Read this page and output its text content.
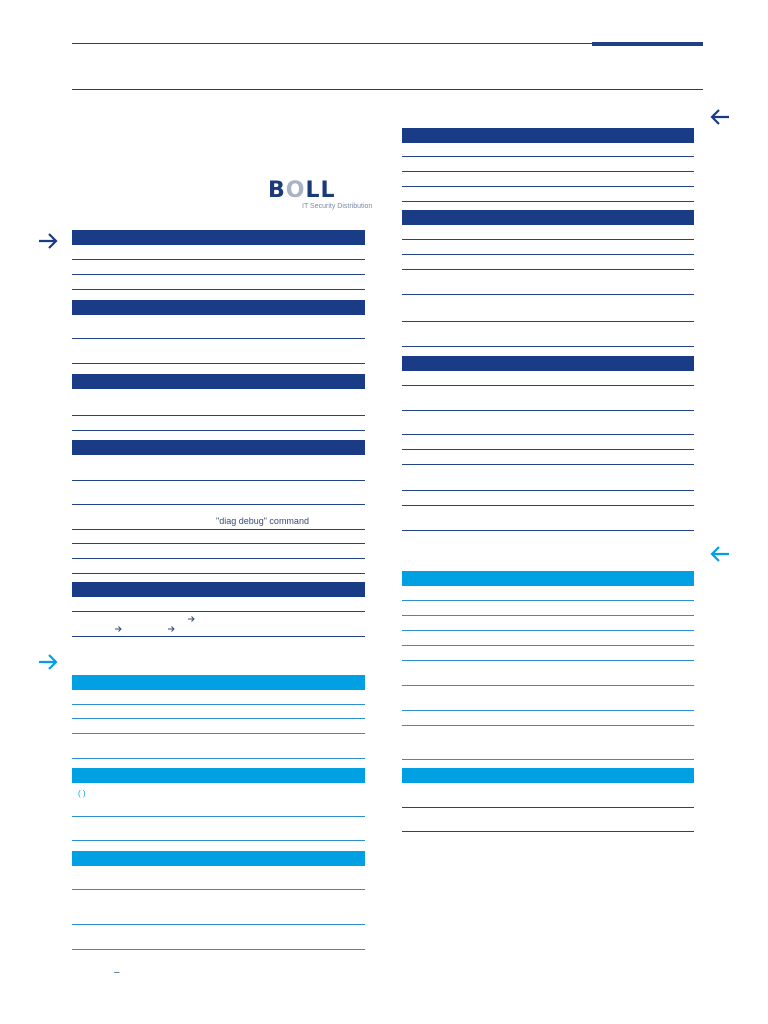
BOLL
IT Security Distribution
"diag debug" command
( )
–
